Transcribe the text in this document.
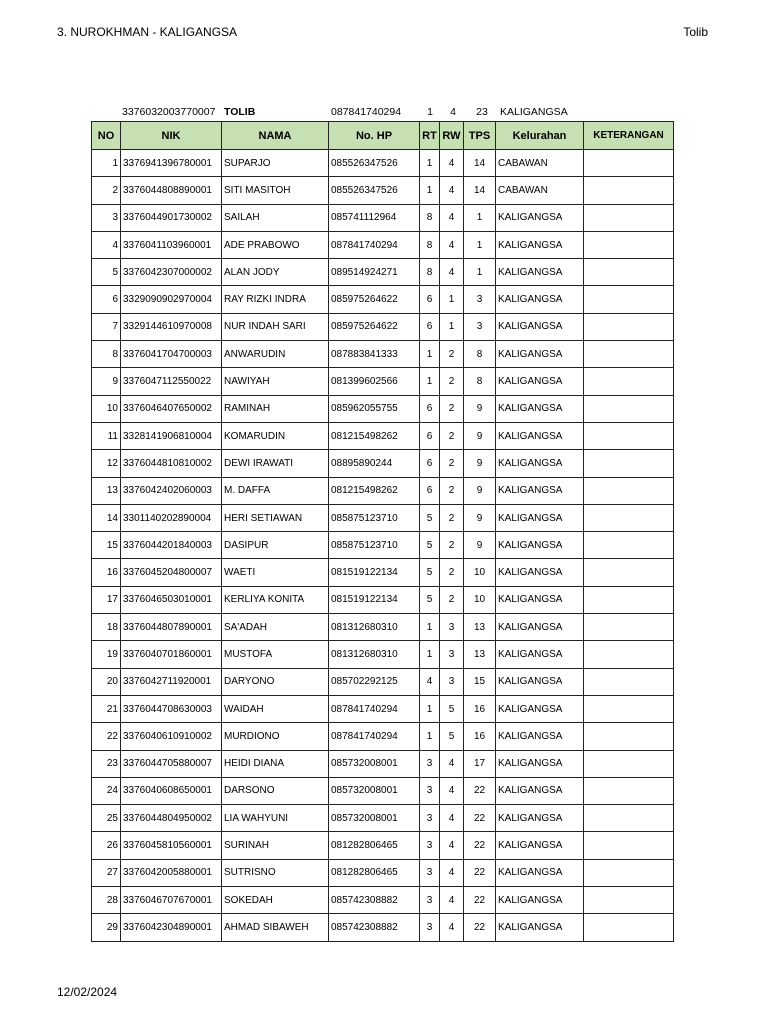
3. NUROKHMAN - KALIGANGSA	Tolib
3376032003770007 TOLIB	087841740294	1	4	23	KALIGANGSA
NO	NIK	NAMA	No. HP	RT	RW	TPS	Kelurahan	KETERANGAN
1	3376941396780001	SUPARJO	085526347526	1	4	14	CABAWAN	
2	3376044808890001	SITI MASITOH	085526347526	1	4	14	CABAWAN	
3	3376044901730002	SAILAH	085741112964	8	4	1	KALIGANGSA	
4	3376041103960001	ADE PRABOWO	087841740294	8	4	1	KALIGANGSA	
5	3376042307000002	ALAN JODY	089514924271	8	4	1	KALIGANGSA	
6	3329090902970004	RAY RIZKI INDRA	085975264622	6	1	3	KALIGANGSA	
7	3329144610970008	NUR INDAH SARI	085975264622	6	1	3	KALIGANGSA	
8	3376041704700003	ANWARUDIN	087883841333	1	2	8	KALIGANGSA	
9	3376047112550022	NAWIYAH	081399602566	1	2	8	KALIGANGSA	
10	3376046407650002	RAMINAH	085962055755	6	2	9	KALIGANGSA	
11	3328141906810004	KOMARUDIN	081215498262	6	2	9	KALIGANGSA	
12	3376044810810002	DEWI IRAWATI	08895890244	6	2	9	KALIGANGSA	
13	3376042402060003	M. DAFFA	081215498262	6	2	9	KALIGANGSA	
14	3301140202890004	HERI SETIAWAN	085875123710	5	2	9	KALIGANGSA	
15	3376044201840003	DASIPUR	085875123710	5	2	9	KALIGANGSA	
16	3376045204800007	WAETI	081519122134	5	2	10	KALIGANGSA	
17	3376046503010001	KERLIYA KONITA	081519122134	5	2	10	KALIGANGSA	
18	3376044807890001	SA'ADAH	081312680310	1	3	13	KALIGANGSA	
19	3376040701860001	MUSTOFA	081312680310	1	3	13	KALIGANGSA	
20	3376042711920001	DARYONO	085702292125	4	3	15	KALIGANGSA	
21	3376044708630003	WAIDAH	087841740294	1	5	16	KALIGANGSA	
22	3376040610910002	MURDIONO	087841740294	1	5	16	KALIGANGSA	
23	3376044705880007	HEIDI DIANA	085732008001	3	4	17	KALIGANGSA	
24	3376040608650001	DARSONO	085732008001	3	4	22	KALIGANGSA	
25	3376044804950002	LIA WAHYUNI	085732008001	3	4	22	KALIGANGSA	
26	3376045810560001	SURINAH	081282806465	3	4	22	KALIGANGSA	
27	3376042005880001	SUTRISNO	081282806465	3	4	22	KALIGANGSA	
28	3376046707670001	SOKEDAH	085742308882	3	4	22	KALIGANGSA	
29	3376042304890001	AHMAD SIBAWEH	085742308882	3	4	22	KALIGANGSA	
12/02/2024
